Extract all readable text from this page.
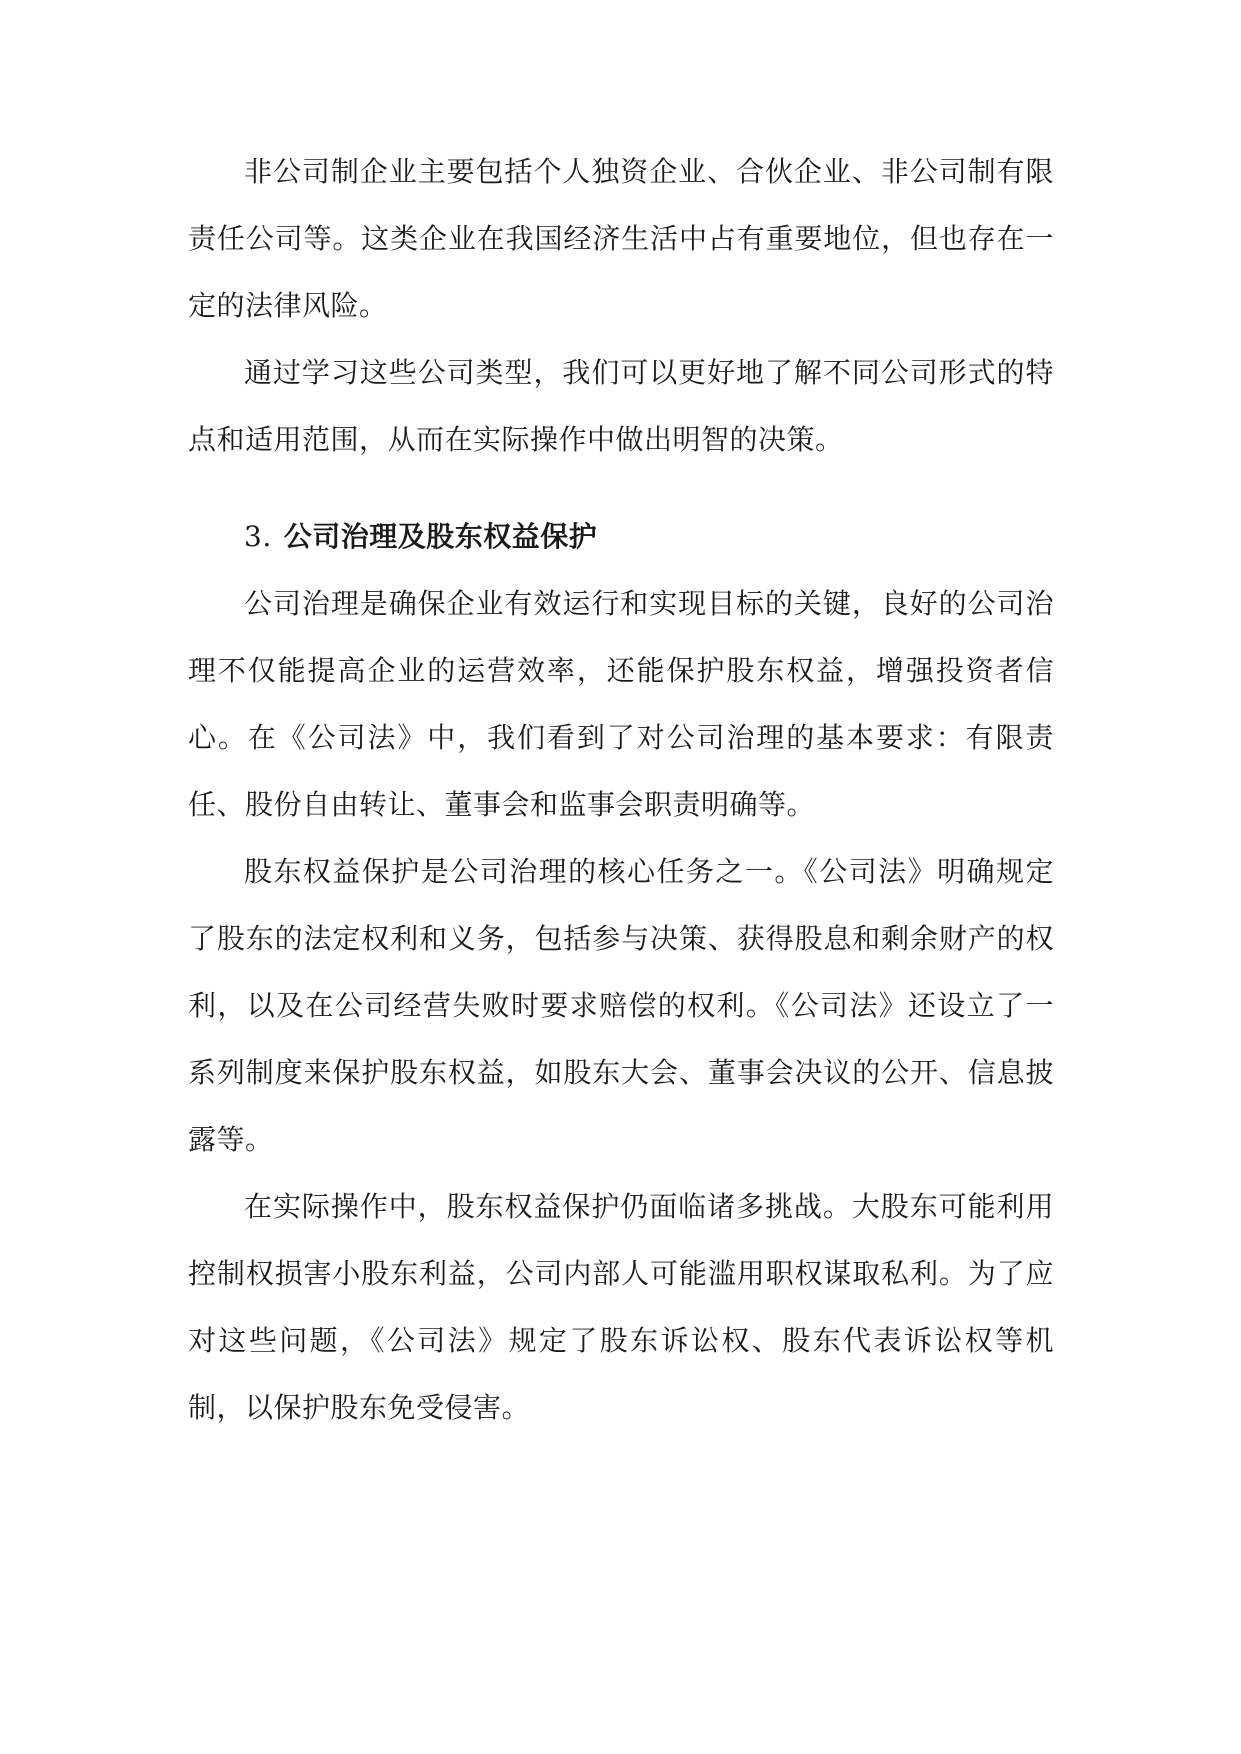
非公司制企业主要包括个人独资企业、合伙企业、非公司制有限责任公司等。这类企业在我国经济生活中占有重要地位，但也存在一定的法律风险。

通过学习这些公司类型，我们可以更好地了解不同公司形式的特点和适用范围，从而在实际操作中做出明智的决策。

3. 公司治理及股东权益保护

公司治理是确保企业有效运行和实现目标的关键，良好的公司治理不仅能提高企业的运营效率，还能保护股东权益，增强投资者信心。在《公司法》中，我们看到了对公司治理的基本要求：有限责任、股份自由转让、董事会和监事会职责明确等。

股东权益保护是公司治理的核心任务之一。《公司法》明确规定了股东的法定权利和义务，包括参与决策、获得股息和剩余财产的权利，以及在公司经营失败时要求赔偿的权利。《公司法》还设立了一系列制度来保护股东权益，如股东大会、董事会决议的公开、信息披露等。

在实际操作中，股东权益保护仍面临诸多挑战。大股东可能利用控制权损害小股东利益，公司内部人可能滥用职权谋取私利。为了应对这些问题，《公司法》规定了股东诉讼权、股东代表诉讼权等机制，以保护股东免受侵害。
